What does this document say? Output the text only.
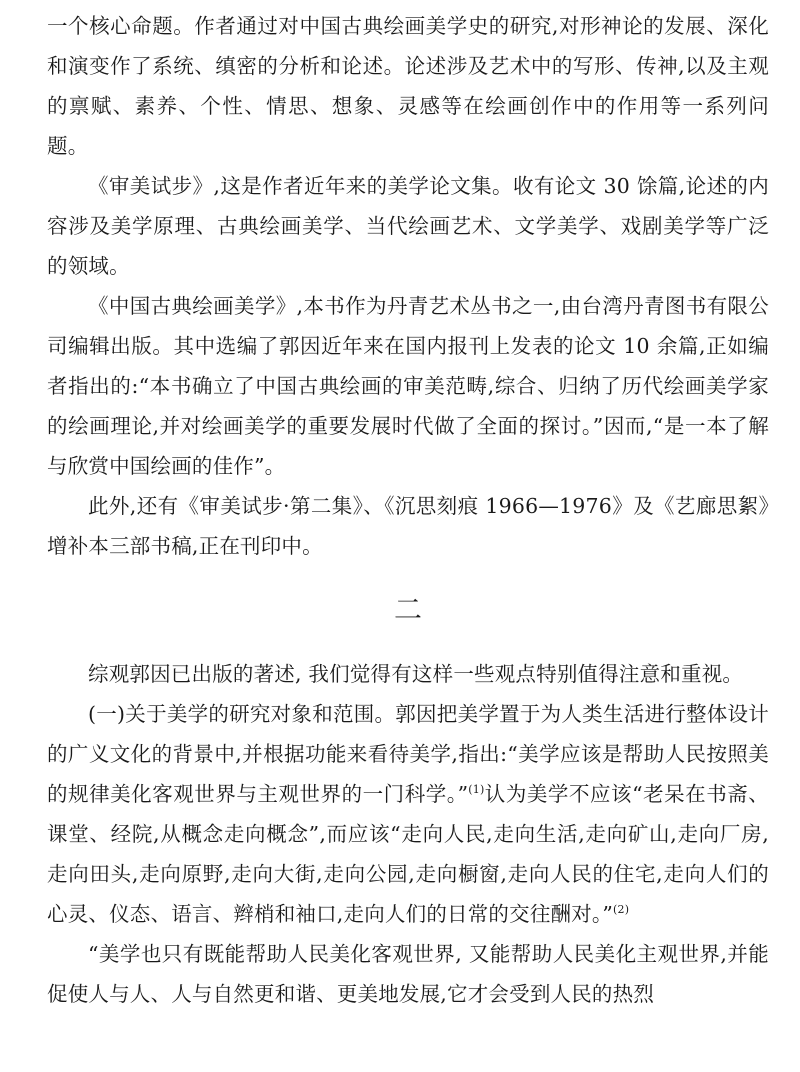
一个核心命题。作者通过对中国古典绘画美学史的研究,对形神论的发展、深化和演变作了系统、缜密的分析和论述。论述涉及艺术中的写形、传神,以及主观的禀赋、素养、个性、情思、想象、灵感等在绘画创作中的作用等一系列问题。

《审美试步》,这是作者近年来的美学论文集。收有论文 30 馀篇,论述的内容涉及美学原理、古典绘画美学、当代绘画艺术、文学美学、戏剧美学等广泛的领域。

《中国古典绘画美学》,本书作为丹青艺术丛书之一,由台湾丹青图书有限公司编辑出版。其中选编了郭因近年来在国内报刊上发表的论文 10 余篇,正如编者指出的:“本书确立了中国古典绘画的审美范畴,综合、归纳了历代绘画美学家的绘画理论,并对绘画美学的重要发展时代做了全面的探讨。”因而,“是一本了解与欣赏中国绘画的佳作”。

此外,还有《审美试步·第二集》、《沉思刻痕 1966—1976》及《艺廊思絮》增补本三部书稿,正在刊印中。

二

综观郭因已出版的著述, 我们觉得有这样一些观点特别值得注意和重视。

(一)关于美学的研究对象和范围。郭因把美学置于为人类生活进行整体设计的广义文化的背景中,并根据功能来看待美学,指出:“美学应该是帮助人民按照美的规律美化客观世界与主观世界的一门科学。”$^{(1)}$认为美学不应该“老呆在书斋、课堂、经院,从概念走向概念”,而应该“走向人民,走向生活,走向矿山,走向厂房,走向田头,走向原野,走向大街,走向公园,走向橱窗,走向人民的住宅,走向人们的心灵、仪态、语言、辫梢和袖口,走向人们的日常的交往酬对。”$^{(2)}$

“美学也只有既能帮助人民美化客观世界, 又能帮助人民美化主观世界,并能促使人与人、人与自然更和谐、更美地发展,它才会受到人民的热烈
